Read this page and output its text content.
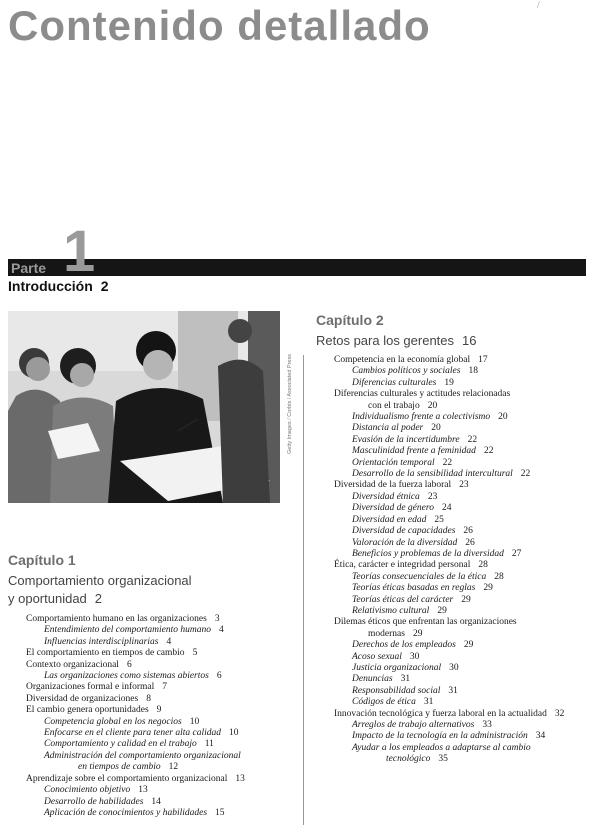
Contenido detallado	/
1
Parte
Introducción 2
Getty Images / Corbis / Associated Press
Capítulo 1
Comportamiento organizacional
y oportunidad 2
Comportamiento humano en las organizaciones 3
Entendimiento del comportamiento humano 4
Influencias interdisciplinarias 4
El comportamiento en tiempos de cambio 5
Contexto organizacional 6
Las organizaciones como sistemas abiertos 6
Organizaciones formal e informal 7
Diversidad de organizaciones 8
El cambio genera oportunidades 9
Competencia global en los negocios 10
Enfocarse en el cliente para tener alta calidad 10
Comportamiento y calidad en el trabajo 11
Administración del comportamiento organizacional
en tiempos de cambio 12
Aprendizaje sobre el comportamiento organizacional 13
Conocimiento objetivo 13
Desarrollo de habilidades 14
Aplicación de conocimientos y habilidades 15
Capítulo 2
Retos para los gerentes 16
Competencia en la economía global 17
Cambios políticos y sociales 18
Diferencias culturales 19
Diferencias culturales y actitudes relacionadas
con el trabajo 20
Individualismo frente a colectivismo 20
Distancia al poder 20
Evasión de la incertidumbre 22
Masculinidad frente a feminidad 22
Orientación temporal 22
Desarrollo de la sensibilidad intercultural 22
Diversidad de la fuerza laboral 23
Diversidad étnica 23
Diversidad de género 24
Diversidad en edad 25
Diversidad de capacidades 26
Valoración de la diversidad 26
Beneficios y problemas de la diversidad 27
Ética, carácter e integridad personal 28
Teorías consecuenciales de la ética 28
Teorías éticas basadas en reglas 29
Teorías éticas del carácter 29
Relativismo cultural 29
Dilemas éticos que enfrentan las organizaciones
modernas 29
Derechos de los empleados 29
Acoso sexual 30
Justicia organizacional 30
Denuncias 31
Responsabilidad social 31
Códigos de ética 31
Innovación tecnológica y fuerza laboral en la actualidad 32
Arreglos de trabajo alternativos 33
Impacto de la tecnología en la administración 34
Ayudar a los empleados a adaptarse al cambio
tecnológico 35
